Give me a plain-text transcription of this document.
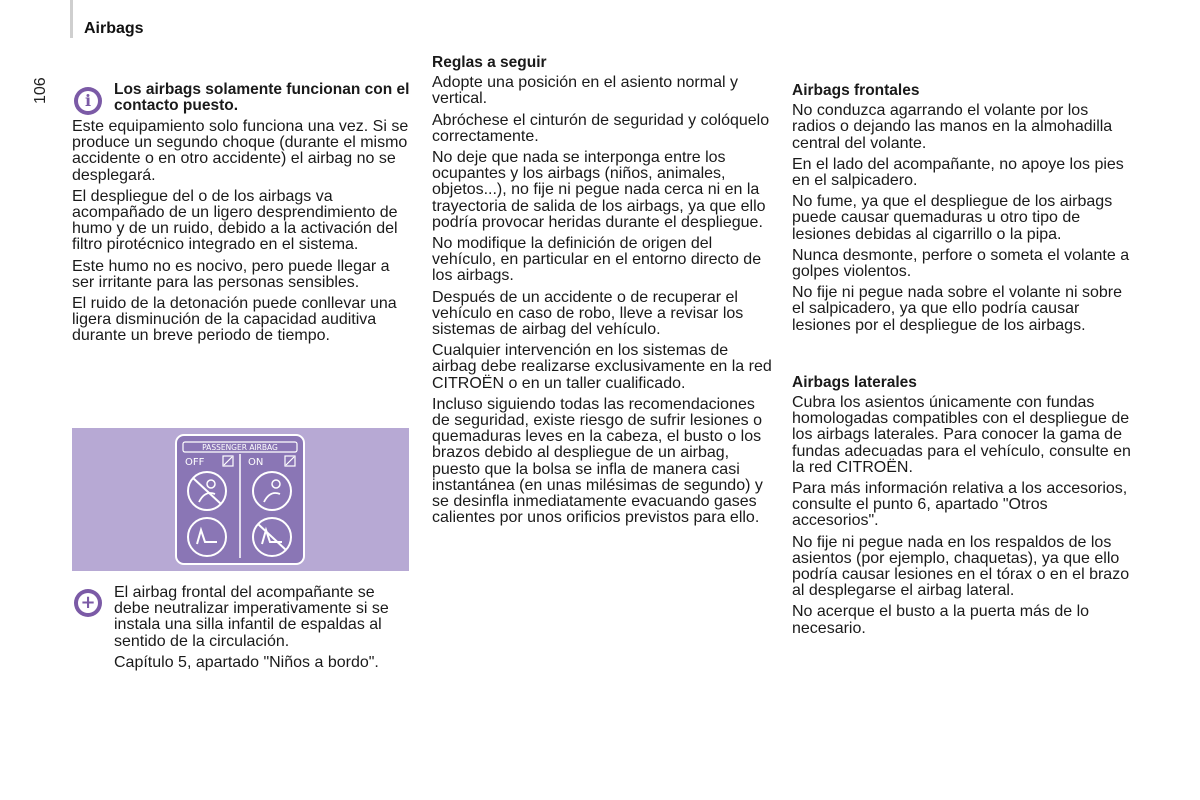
Airbags
106	i
Los airbags solamente funcionan con el contacto puesto.

Este equipamiento solo funciona una vez. Si se produce un segundo choque (durante el mismo accidente o en otro accidente) el airbag no se desplegará.

El despliegue del o de los airbags va acompañado de un ligero desprendimiento de humo y de un ruido, debido a la activación del filtro pirotécnico integrado en el sistema.

Este humo no es nocivo, pero puede llegar a ser irritante para las personas sensibles.

El ruido de la detonación puede conllevar una ligera disminución de la capacidad auditiva durante un breve periodo de tiempo.

PASSENGER AIRBAG
OFF	ON
+ El airbag frontal del acompañante se debe neutralizar imperativamente si se instala una silla infantil de espaldas al sentido de la circulación.

Capítulo 5, apartado "Niños a bordo".

Reglas a seguir

Adopte una posición en el asiento normal y vertical.

Abróchese el cinturón de seguridad y colóquelo correctamente.

No deje que nada se interponga entre los ocupantes y los airbags (niños, animales, objetos...), no fije ni pegue nada cerca ni en la trayectoria de salida de los airbags, ya que ello podría provocar heridas durante el despliegue.

No modifique la definición de origen del vehículo, en particular en el entorno directo de los airbags.

Después de un accidente o de recuperar el vehículo en caso de robo, lleve a revisar los sistemas de airbag del vehículo.

Cualquier intervención en los sistemas de airbag debe realizarse exclusivamente en la red CITROËN o en un taller cualificado.

Incluso siguiendo todas las recomendaciones de seguridad, existe riesgo de sufrir lesiones o quemaduras leves en la cabeza, el busto o los brazos debido al despliegue de un airbag, puesto que la bolsa se infla de manera casi instantánea (en unas milésimas de segundo) y se desinfla inmediatamente evacuando gases calientes por unos orificios previstos para ello.

Airbags frontales

No conduzca agarrando el volante por los radios o dejando las manos en la almohadilla central del volante.

En el lado del acompañante, no apoye los pies en el salpicadero.

No fume, ya que el despliegue de los airbags puede causar quemaduras u otro tipo de lesiones debidas al cigarrillo o la pipa.

Nunca desmonte, perfore o someta el volante a golpes violentos.

No fije ni pegue nada sobre el volante ni sobre el salpicadero, ya que ello podría causar lesiones por el despliegue de los airbags.

Airbags laterales

Cubra los asientos únicamente con fundas homologadas compatibles con el despliegue de los airbags laterales. Para conocer la gama de fundas adecuadas para el vehículo, consulte en la red CITROËN.

Para más información relativa a los accesorios, consulte el punto 6, apartado "Otros accesorios".

No fije ni pegue nada en los respaldos de los asientos (por ejemplo, chaquetas), ya que ello podría causar lesiones en el tórax o en el brazo al desplegarse el airbag lateral.

No acerque el busto a la puerta más de lo necesario.
